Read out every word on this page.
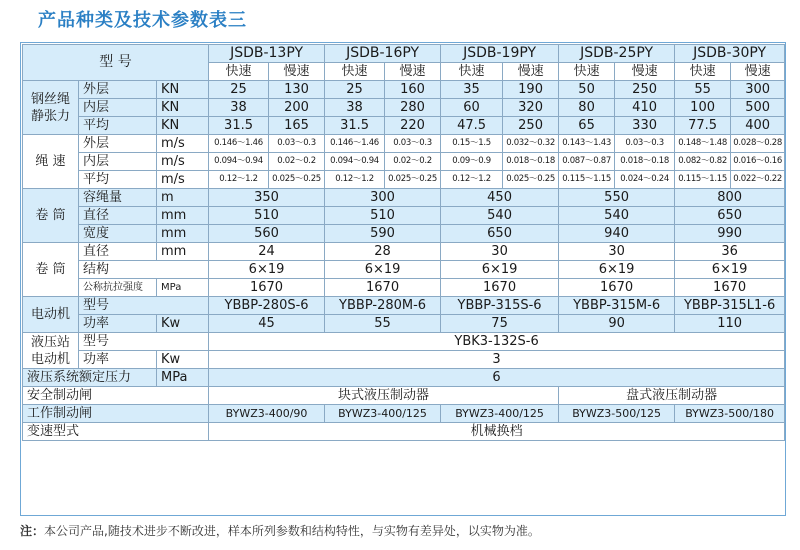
产品种类及技术参数表三
型 号			JSDB-13PY		JSDB-16PY		JSDB-19PY		JSDB-25PY		JSDB-30PY	
			快速	慢速	快速	慢速	快速	慢速	快速	慢速	快速	慢速
钢丝绳
静张力	外层	KN	25	130	25	160	35	190	50	250	55	300
	内层	KN	38	200	38	280	60	320	80	410	100	500
	平均	KN	31.5	165	31.5	220	47.5	250	65	330	77.5	400
绳 速	外层	m/s	0.146～1.46	0.03～0.3	0.146～1.46	0.03～0.3	0.15～1.5	0.032～0.32	0.143～1.43	0.03～0.3	0.148～1.48	0.028～0.28
	内层	m/s	0.094～0.94	0.02～0.2	0.094～0.94	0.02～0.2	0.09～0.9	0.018～0.18	0.087～0.87	0.018～0.18	0.082～0.82	0.016～0.16
	平均	m/s	0.12～1.2	0.025～0.25	0.12～1.2	0.025～0.25	0.12～1.2	0.025～0.25	0.115～1.15	0.024～0.24	0.115～1.15	0.022～0.22
卷 筒	容绳量	m	350		300		450		550		800	
	直径	mm	510		510		540		540		650	
	宽度	mm	560		590		650		940		990	
卷 筒	直径	mm	24		28		30		30		36	
	结构		6×19		6×19		6×19		6×19		6×19	
	公称抗拉强度	MPa	1670		1670		1670		1670		1670	
电动机	型号		YBBP-280S-6		YBBP-280M-6		YBBP-315S-6		YBBP-315M-6		YBBP-315L1-6	
	功率	Kw	45		55		75		90		110	
液压站
电动机	型号		YBK3-132S-6									
	功率	Kw	3									
液压系统额定压力		MPa	6									
安全制动闸			块式液压制动器						盘式液压制动器			
工作制动闸			BYWZ3-400/90		BYWZ3-400/125		BYWZ3-400/125		BYWZ3-500/125		BYWZ3-500/180	
变速型式			机械换档									
注：本公司产品,随技术进步不断改进，样本所列参数和结构特性，与实物有差异处，以实物为准。
